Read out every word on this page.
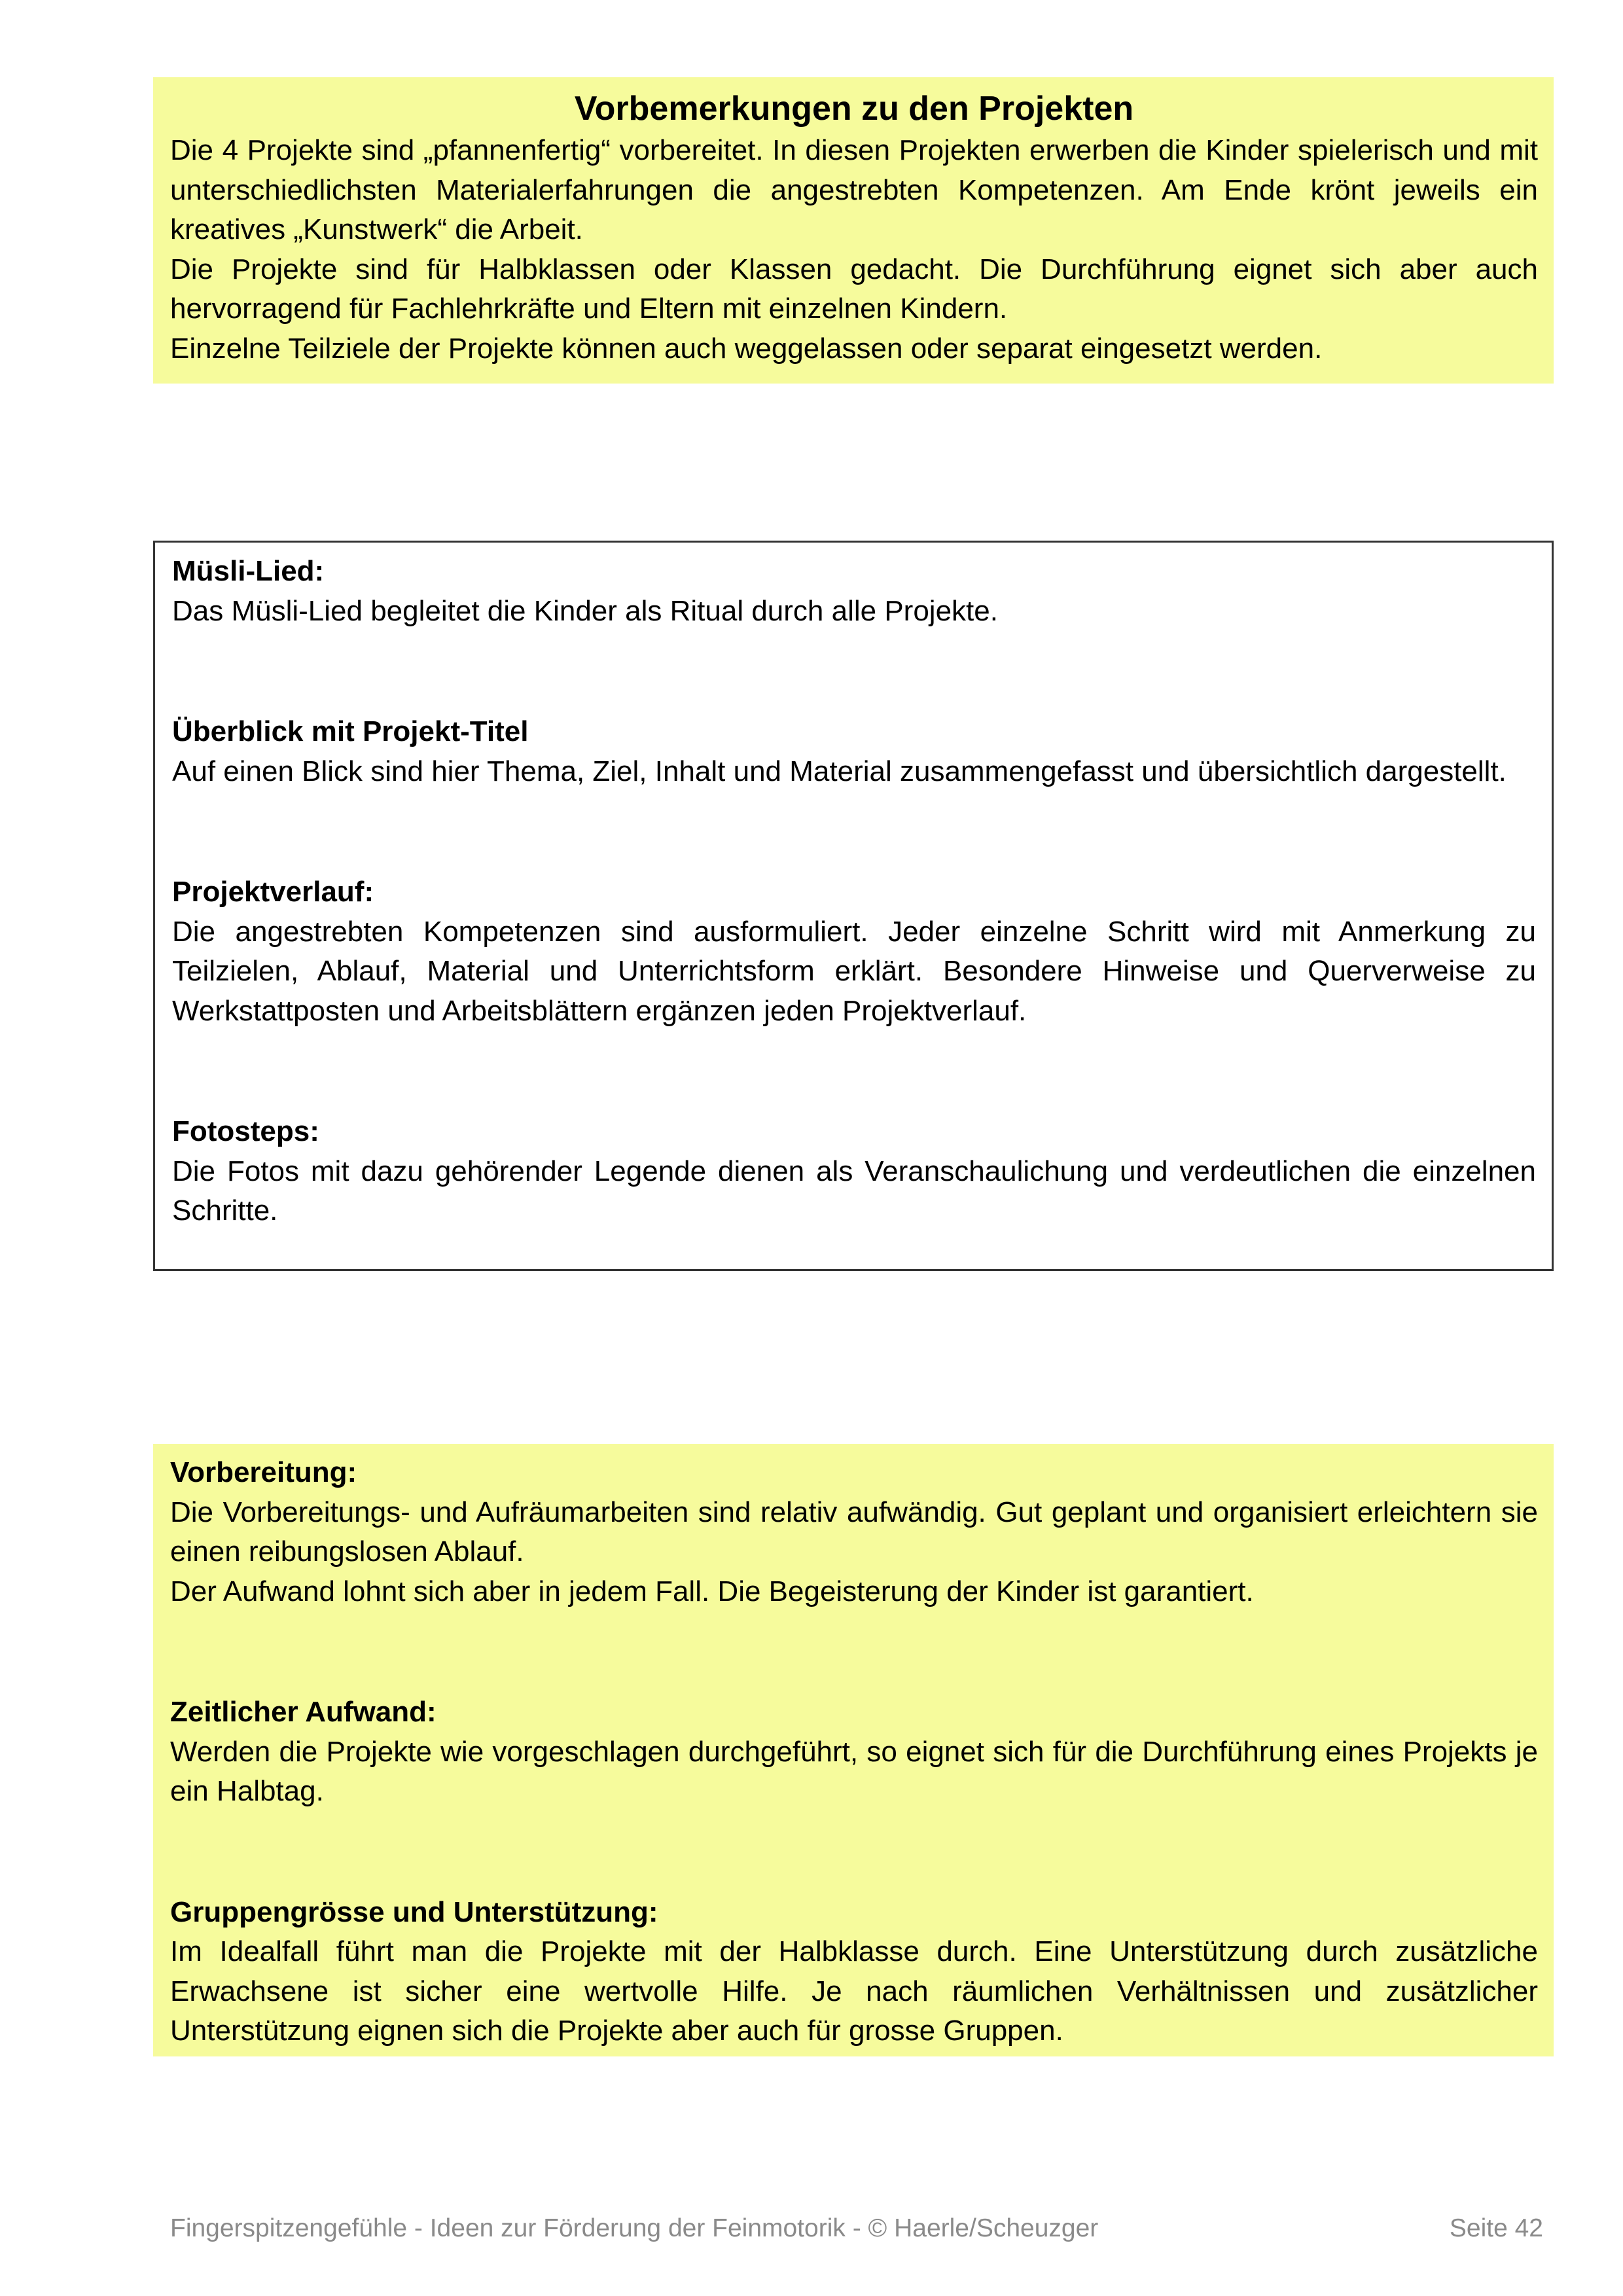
Vorbemerkungen zu den Projekten

Die 4 Projekte sind „pfannenfertig“ vorbereitet. In diesen Projekten erwerben die Kinder spielerisch und mit unterschiedlichsten Materialerfahrungen die angestrebten Kompetenzen. Am Ende krönt jeweils ein kreatives „Kunstwerk“ die Arbeit.

Die Projekte sind für Halbklassen oder Klassen gedacht. Die Durchführung eignet sich aber auch hervorragend für Fachlehrkräfte und Eltern mit einzelnen Kindern.

Einzelne Teilziele der Projekte können auch weggelassen oder separat eingesetzt werden.

Müsli-Lied:

Das Müsli-Lied begleitet die Kinder als Ritual durch alle Projekte.

Überblick mit Projekt-Titel

Auf einen Blick sind hier Thema, Ziel, Inhalt und Material zusammengefasst und übersichtlich dargestellt.

Projektverlauf:

Die angestrebten Kompetenzen sind ausformuliert. Jeder einzelne Schritt wird mit Anmerkung zu Teilzielen, Ablauf, Material und Unterrichtsform erklärt. Besondere Hinweise und Querverweise zu Werkstattposten und Arbeitsblättern ergänzen jeden Projektverlauf.

Fotosteps:

Die Fotos mit dazu gehörender Legende dienen als Veranschaulichung und verdeutlichen die einzelnen Schritte.

Vorbereitung:

Die Vorbereitungs- und Aufräumarbeiten sind relativ aufwändig. Gut geplant und organisiert erleichtern sie einen reibungslosen Ablauf.

Der Aufwand lohnt sich aber in jedem Fall. Die Begeisterung der Kinder ist garantiert.

Zeitlicher Aufwand:

Werden die Projekte wie vorgeschlagen durchgeführt, so eignet sich für die Durchführung eines Projekts je ein Halbtag.

Gruppengrösse und Unterstützung:

Im Idealfall führt man die Projekte mit der Halbklasse durch. Eine Unterstützung durch zusätzliche Erwachsene ist sicher eine wertvolle Hilfe. Je nach räumlichen Verhältnissen und zusätzlicher Unterstützung eignen sich die Projekte aber auch für grosse Gruppen.

Fingerspitzengefühle - Ideen zur Förderung der Feinmotorik - © Haerle/Scheuzger	Seite 42
